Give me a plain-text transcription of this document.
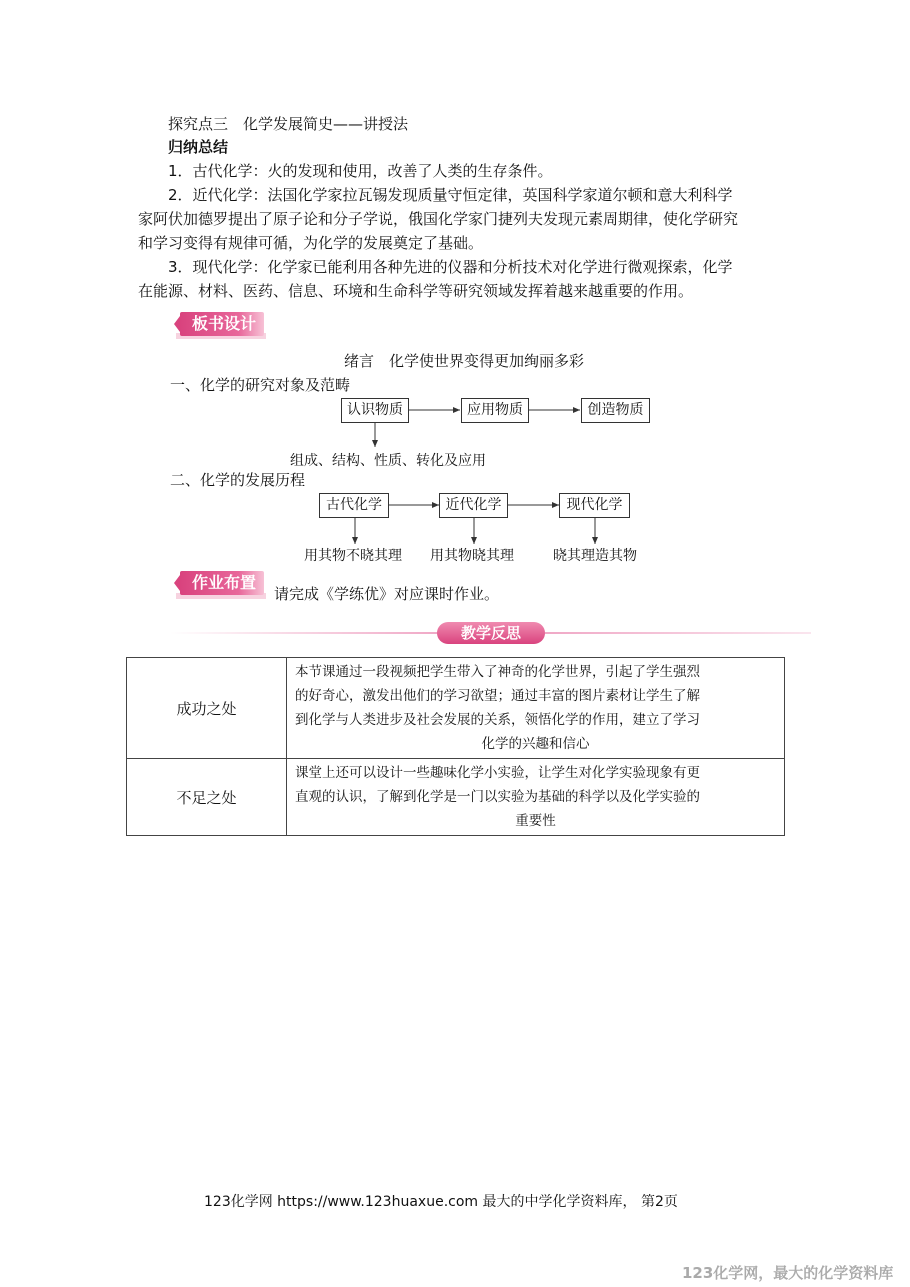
探究点三　化学发展简史——讲授法
归纳总结
1．古代化学：火的发现和使用，改善了人类的生存条件。
2．近代化学：法国化学家拉瓦锡发现质量守恒定律，英国科学家道尔顿和意大利科学
家阿伏加德罗提出了原子论和分子学说，俄国化学家门捷列夫发现元素周期律，使化学研究
和学习变得有规律可循，为化学的发展奠定了基础。
3．现代化学：化学家已能利用各种先进的仪器和分析技术对化学进行微观探索，化学
在能源、材料、医药、信息、环境和生命科学等研究领域发挥着越来越重要的作用。
板书设计
绪言　化学使世界变得更加绚丽多彩
一、化学的研究对象及范畴
认识物质	应用物质	创造物质
组成、结构、性质、转化及应用
二、化学的发展历程
古代化学	近代化学	现代化学
用其物不晓其理 用其物晓其理	晓其理造其物
作业布置
请完成《学练优》对应课时作业。
教学反思
成功之处	本节课通过一段视频把学生带入了神奇的化学世界，引起了学生强烈
的好奇心，激发出他们的学习欲望；通过丰富的图片素材让学生了解
到化学与人类进步及社会发展的关系，领悟化学的作用，建立了学习
化学的兴趣和信心

不足之处	课堂上还可以设计一些趣味化学小实验，让学生对化学实验现象有更
直观的认识，了解到化学是一门以实验为基础的科学以及化学实验的
重要性
123化学网 https://www.123huaxue.com 最大的中学化学资料库， 第2页
123化学网，最大的化学资料库
